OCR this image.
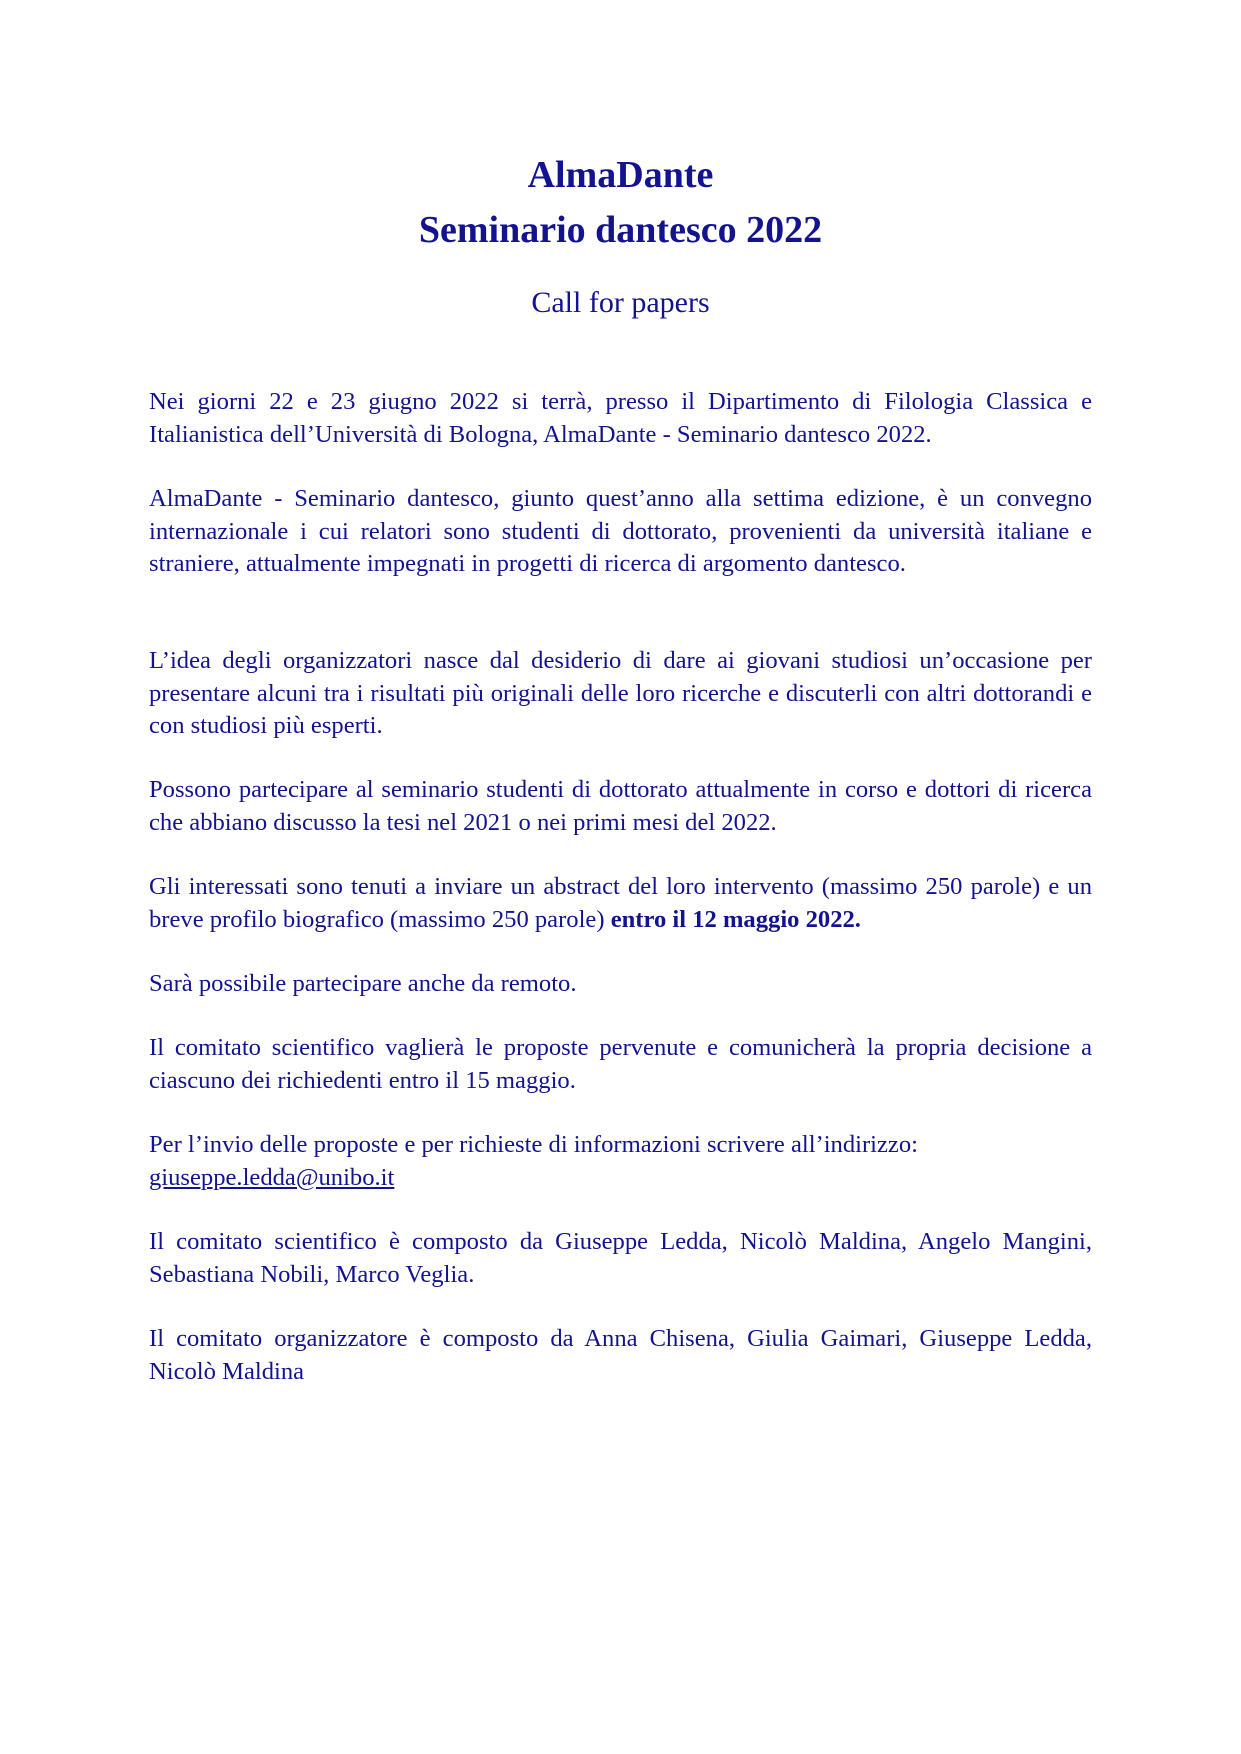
AlmaDante

Seminario dantesco 2022

Call for papers

Nei giorni 22 e 23 giugno 2022 si terrà, presso il Dipartimento di Filologia Classica e Italianistica dell’Università di Bologna, AlmaDante - Seminario dantesco 2022.

AlmaDante - Seminario dantesco, giunto quest’anno alla settima edizione, è un convegno internazionale i cui relatori sono studenti di dottorato, provenienti da università italiane e straniere, attualmente impegnati in progetti di ricerca di argomento dantesco.

L’idea degli organizzatori nasce dal desiderio di dare ai giovani studiosi un’occasione per presentare alcuni tra i risultati più originali delle loro ricerche e discuterli con altri dottorandi e con studiosi più esperti.

Possono partecipare al seminario studenti di dottorato attualmente in corso e dottori di ricerca che abbiano discusso la tesi nel 2021 o nei primi mesi del 2022.

Gli interessati sono tenuti a inviare un abstract del loro intervento (massimo 250 parole) e un breve profilo biografico (massimo 250 parole) entro il 12 maggio 2022.

Sarà possibile partecipare anche da remoto.

Il comitato scientifico vaglierà le proposte pervenute e comunicherà la propria decisione a ciascuno dei richiedenti entro il 15 maggio.

Per l’invio delle proposte e per richieste di informazioni scrivere all’indirizzo:
giuseppe.ledda@unibo.it

Il comitato scientifico è composto da Giuseppe Ledda, Nicolò Maldina, Angelo Mangini, Sebastiana Nobili, Marco Veglia.

Il comitato organizzatore è composto da Anna Chisena, Giulia Gaimari, Giuseppe Ledda, Nicolò Maldina
